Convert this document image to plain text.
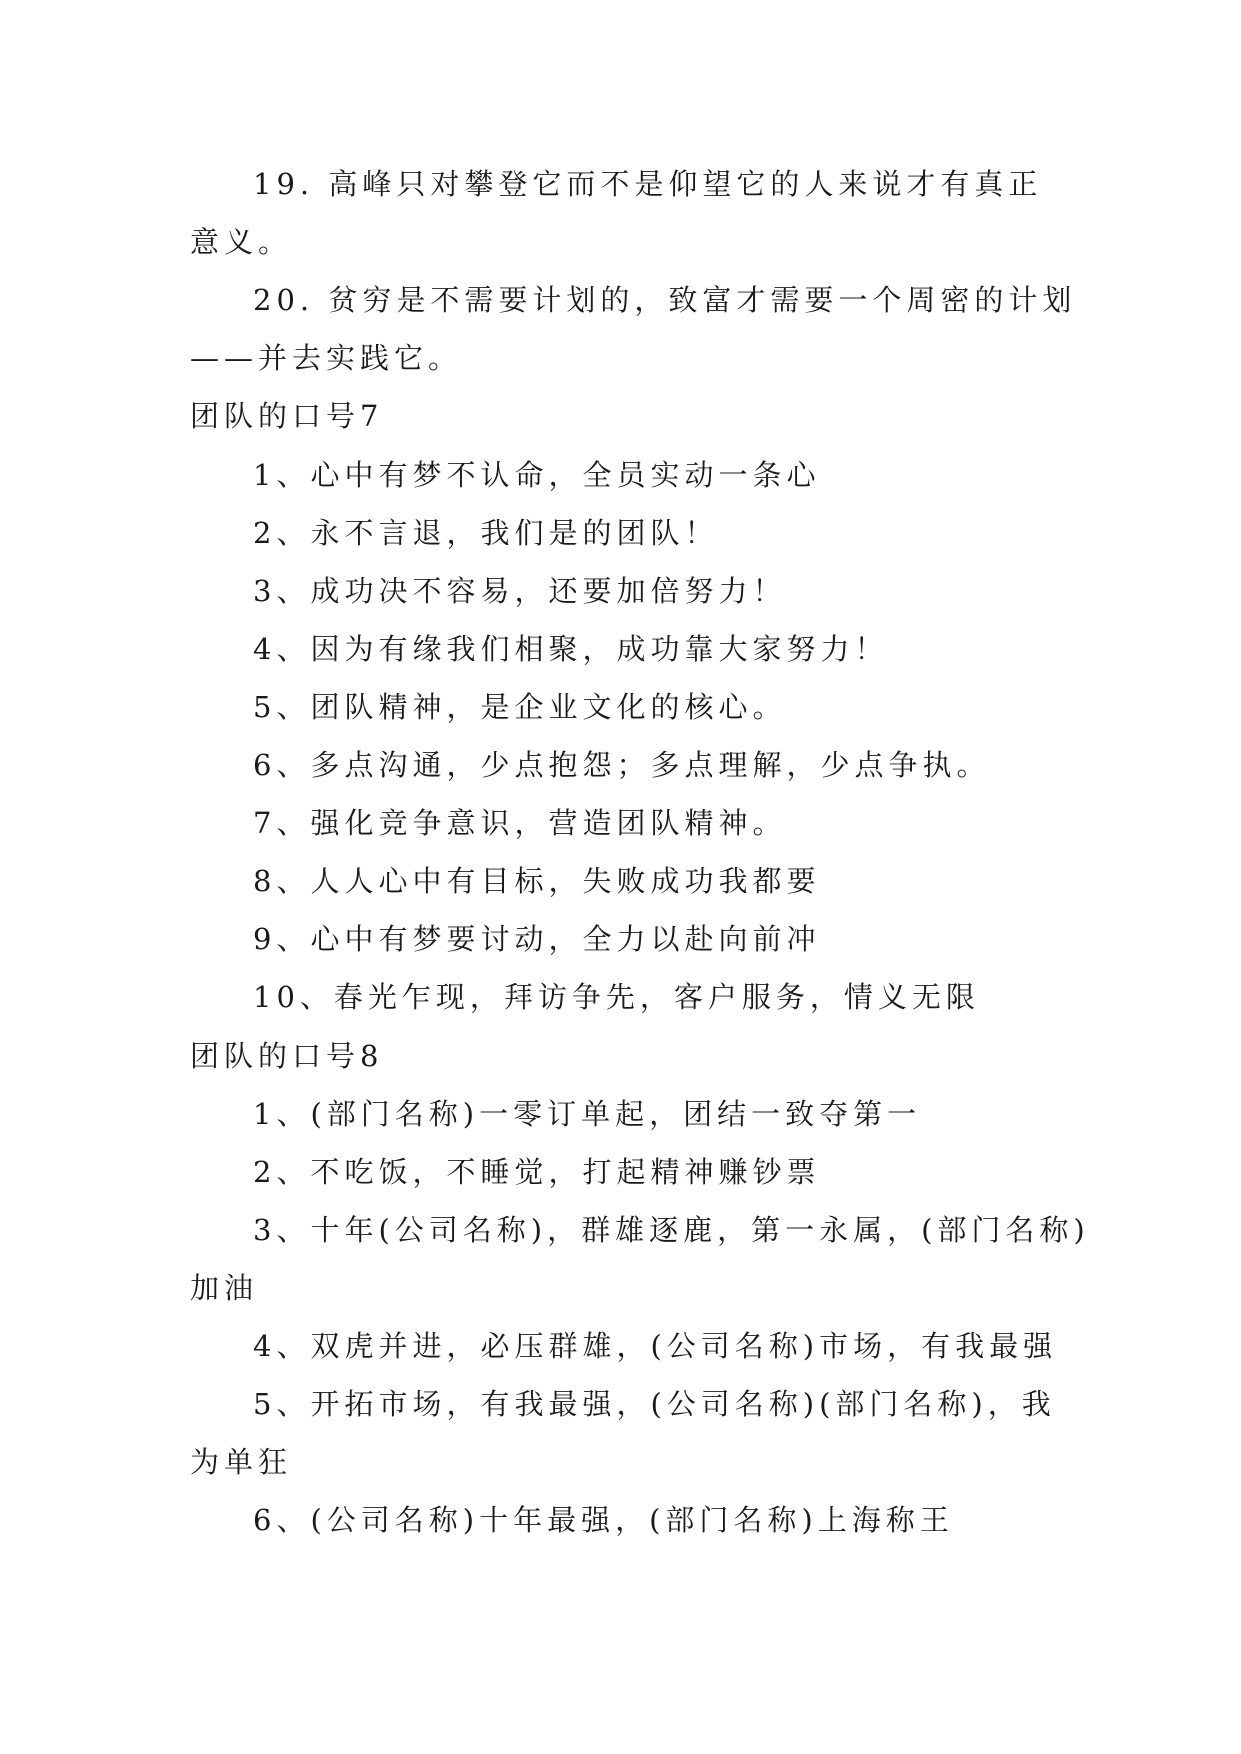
19. 高峰只对攀登它而不是仰望它的人来说才有真正
意义。
20. 贫穷是不需要计划的，致富才需要一个周密的计划
——并去实践它。
团队的口号7
1、心中有梦不认命，全员实动一条心
2、永不言退，我们是的团队！
3、成功决不容易，还要加倍努力！
4、因为有缘我们相聚，成功靠大家努力！
5、团队精神，是企业文化的核心。
6、多点沟通，少点抱怨；多点理解，少点争执。
7、强化竞争意识，营造团队精神。
8、人人心中有目标，失败成功我都要
9、心中有梦要讨动，全力以赴向前冲
10、春光乍现，拜访争先，客户服务，情义无限
团队的口号8
1、(部门名称)一零订单起，团结一致夺第一
2、不吃饭，不睡觉，打起精神赚钞票
3、十年(公司名称)，群雄逐鹿，第一永属，(部门名称)
加油
4、双虎并进，必压群雄，(公司名称)市场，有我最强
5、开拓市场，有我最强，(公司名称)(部门名称)，我
为单狂
6、(公司名称)十年最强，(部门名称)上海称王
